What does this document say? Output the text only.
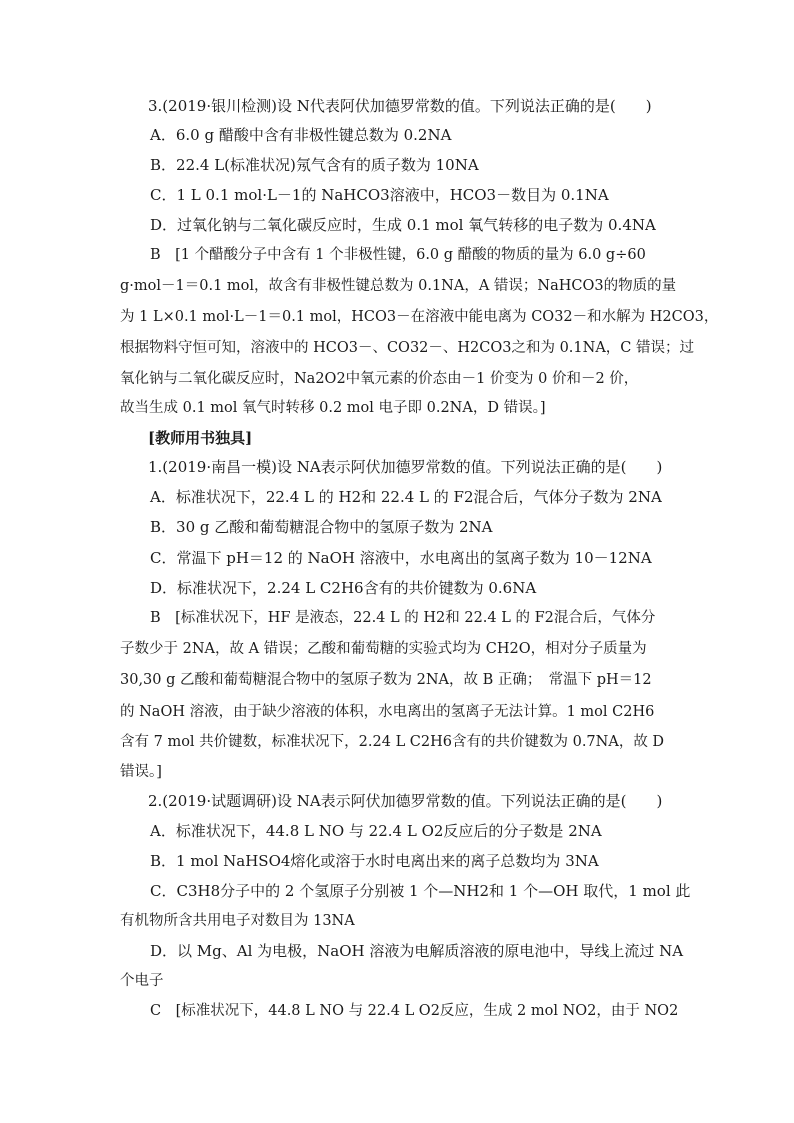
3.(2019·银川检测)设 N代表阿伏加德罗常数的值。下列说法正确的是(　　)
A．6.0 g 醋酸中含有非极性键总数为 0.2NA
B．22.4 L(标准状况)氖气含有的质子数为 10NA
C．1 L 0.1 mol·L－1的 NaHCO3溶液中，HCO3－数目为 0.1NA
D．过氧化钠与二氧化碳反应时，生成 0.1 mol 氧气转移的电子数为 0.4NA
B　[1 个醋酸分子中含有 1 个非极性键，6.0 g 醋酸的物质的量为 6.0 g÷60
g·mol－1＝0.1 mol，故含有非极性键总数为 0.1NA，A 错误；NaHCO3的物质的量
为 1 L×0.1 mol·L－1＝0.1 mol，HCO3－在溶液中能电离为 CO32－和水解为 H2CO3，
根据物料守恒可知，溶液中的 HCO3－、CO32－、H2CO3之和为 0.1NA，C 错误；过
氧化钠与二氧化碳反应时，Na2O2中氧元素的价态由－1 价变为 0 价和－2 价，
故当生成 0.1 mol 氧气时转移 0.2 mol 电子即 0.2NA，D 错误。]
[教师用书独具]
1.(2019·南昌一模)设 NA表示阿伏加德罗常数的值。下列说法正确的是(　　)
A．标准状况下，22.4 L 的 H2和 22.4 L 的 F2混合后，气体分子数为 2NA
B．30 g 乙酸和葡萄糖混合物中的氢原子数为 2NA
C．常温下 pH＝12 的 NaOH 溶液中，水电离出的氢离子数为 10－12NA
D．标准状况下，2.24 L C2H6含有的共价键数为 0.6NA
B　[标准状况下，HF 是液态，22.4 L 的 H2和 22.4 L 的 F2混合后，气体分
子数少于 2NA，故 A 错误；乙酸和葡萄糖的实验式均为 CH2O，相对分子质量为
30,30 g 乙酸和葡萄糖混合物中的氢原子数为 2NA，故 B 正确；　常温下 pH＝12
的 NaOH 溶液，由于缺少溶液的体积，水电离出的氢离子无法计算。1 mol C2H6
含有 7 mol 共价键数，标准状况下，2.24 L C2H6含有的共价键数为 0.7NA，故 D
错误。]
2.(2019·试题调研)设 NA表示阿伏加德罗常数的值。下列说法正确的是(　　)
A．标准状况下，44.8 L NO 与 22.4 L O2反应后的分子数是 2NA
B．1 mol NaHSO4熔化或溶于水时电离出来的离子总数均为 3NA
C．C3H8分子中的 2 个氢原子分别被 1 个—NH2和 1 个—OH 取代，1 mol 此
有机物所含共用电子对数目为 13NA
D．以 Mg、Al 为电极，NaOH 溶液为电解质溶液的原电池中，导线上流过 NA
个电子
C　[标准状况下，44.8 L NO 与 22.4 L O2反应，生成 2 mol NO2，由于 NO2
